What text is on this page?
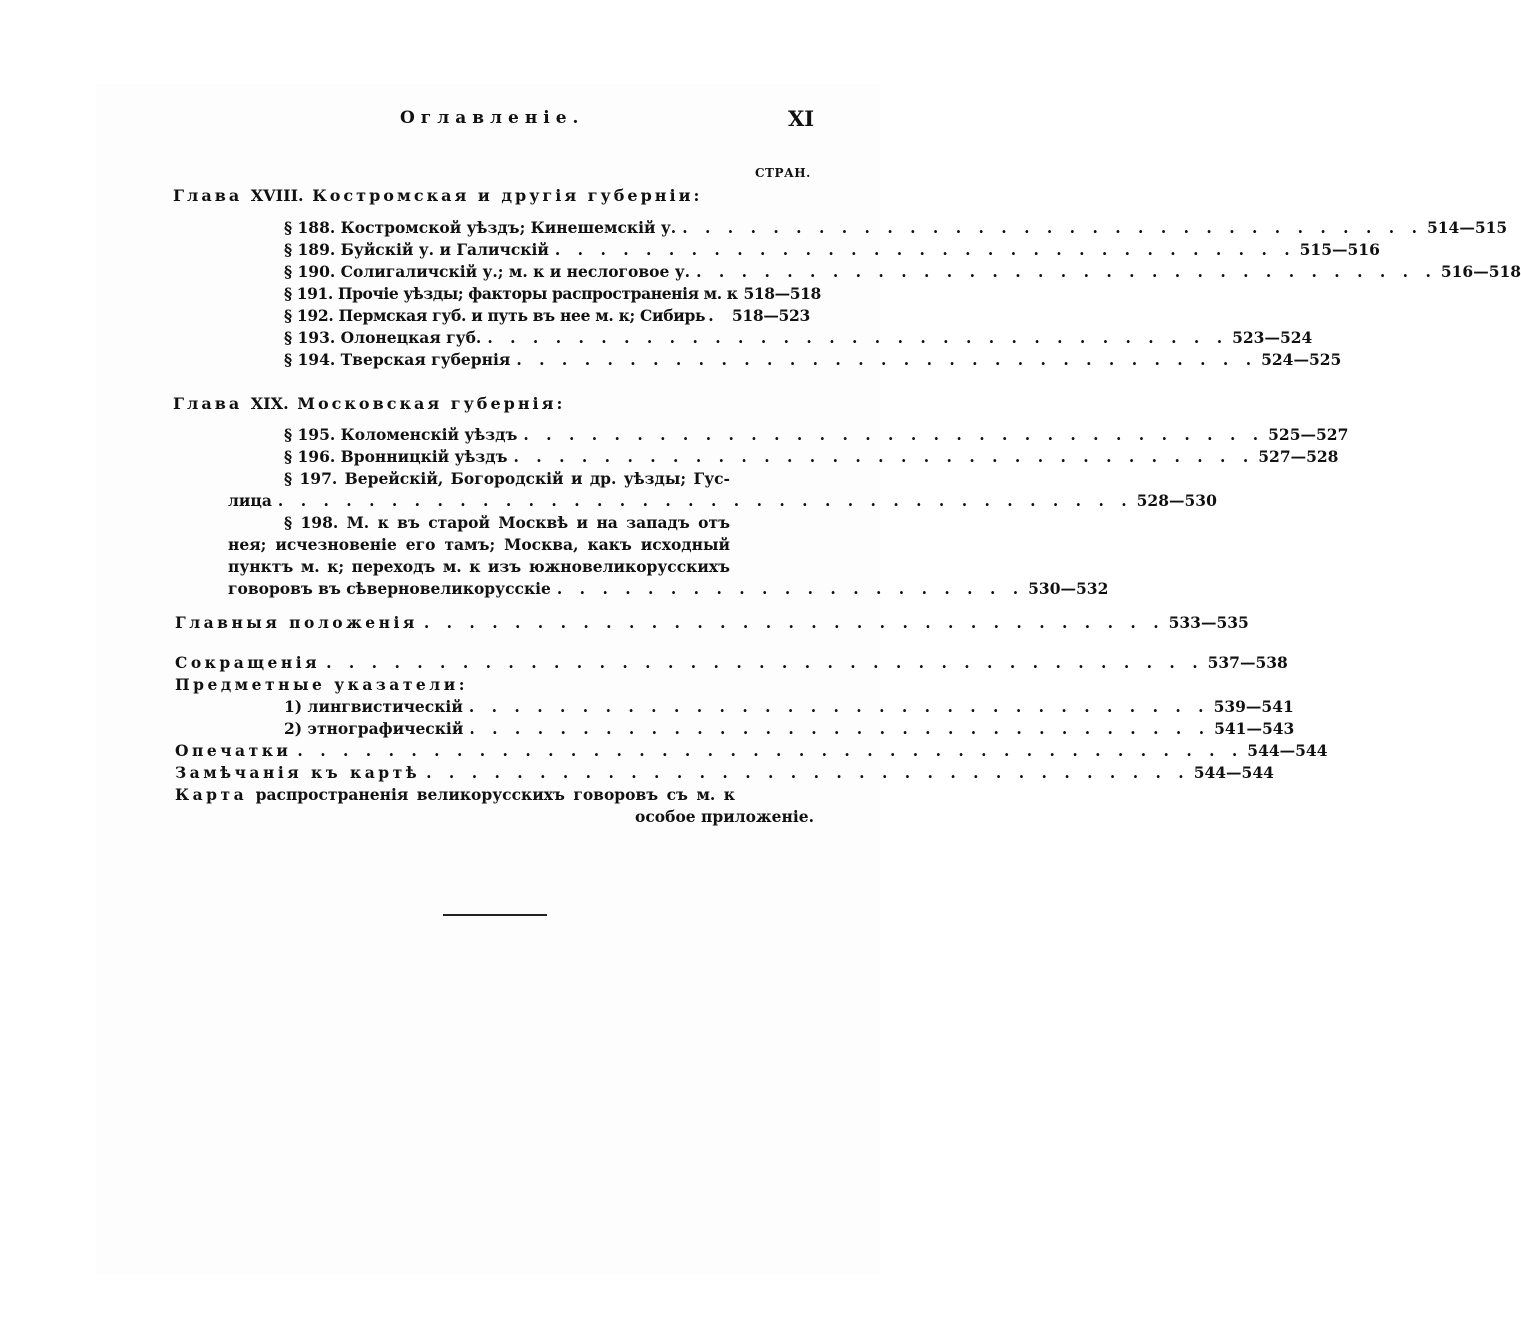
Оглавленiе.	XI
СТРАН.
Глава XVIII. Костромская и другiя губернiи:
§ 188. Костромской уѣздъ; Кинешемскiй у. . . . . . . . . . . . . . . . . . . . . . . . . . . . . . . . . . 514—515
§ 189. Буйскiй у. и Галичскiй . . . . . . . . . . . . . . . . . . . . . . . . . . . . . . . . . 515—516
§ 190. Солигаличскiй у.; м. к и неслоговое у. . . . . . . . . . . . . . . . . . . . . . . . . . . . . . . . . . 516—518
§ 191. Прочiе уѣзды; факторы распространенiя м. к 518—518
§ 192. Пермская губ. и путь въ нее м. к; Сибирь . 518—523
§ 193. Олонецкая губ. . . . . . . . . . . . . . . . . . . . . . . . . . . . . . . . . . 523—524
§ 194. Тверская губернiя . . . . . . . . . . . . . . . . . . . . . . . . . . . . . . . . . 524—525
Глава XIX. Московская губернiя:
§ 195. Коломенскiй уѣздъ . . . . . . . . . . . . . . . . . . . . . . . . . . . . . . . . . 525—527
§ 196. Вронницкiй уѣздъ . . . . . . . . . . . . . . . . . . . . . . . . . . . . . . . . . 527—528
§ 197. Верейскiй, Богородскiй и др. уѣзды; Гус-
лица . . . . . . . . . . . . . . . . . . . . . . . . . . . . . . . . . . . . . . 528—530
§ 198. М. к въ старой Москвѣ и на западъ отъ
нея; исчезновенiе его тамъ; Москва, какъ исходный
пунктъ м. к; переходъ м. к изъ южновеликорусскихъ
говоровъ въ сѣверновеликорусскiе . . . . . . . . . . . . . . . . . . . . . 530—532
Главныя положенiя . . . . . . . . . . . . . . . . . . . . . . . . . . . . . . . . . 533—535
Сокращенiя . . . . . . . . . . . . . . . . . . . . . . . . . . . . . . . . . . . . . . . 537—538
Предметные указатели:
1) лингвистическiй . . . . . . . . . . . . . . . . . . . . . . . . . . . . . . . . . 539—541
2) этнографическiй . . . . . . . . . . . . . . . . . . . . . . . . . . . . . . . . . 541—543
Опечатки . . . . . . . . . . . . . . . . . . . . . . . . . . . . . . . . . . . . . . . . . . 544—544
Замѣчанiя къ картѣ . . . . . . . . . . . . . . . . . . . . . . . . . . . . . . . . . . 544—544
Карта распространенiя великорусскихъ говоровъ съ м. к
особое приложенiе.
